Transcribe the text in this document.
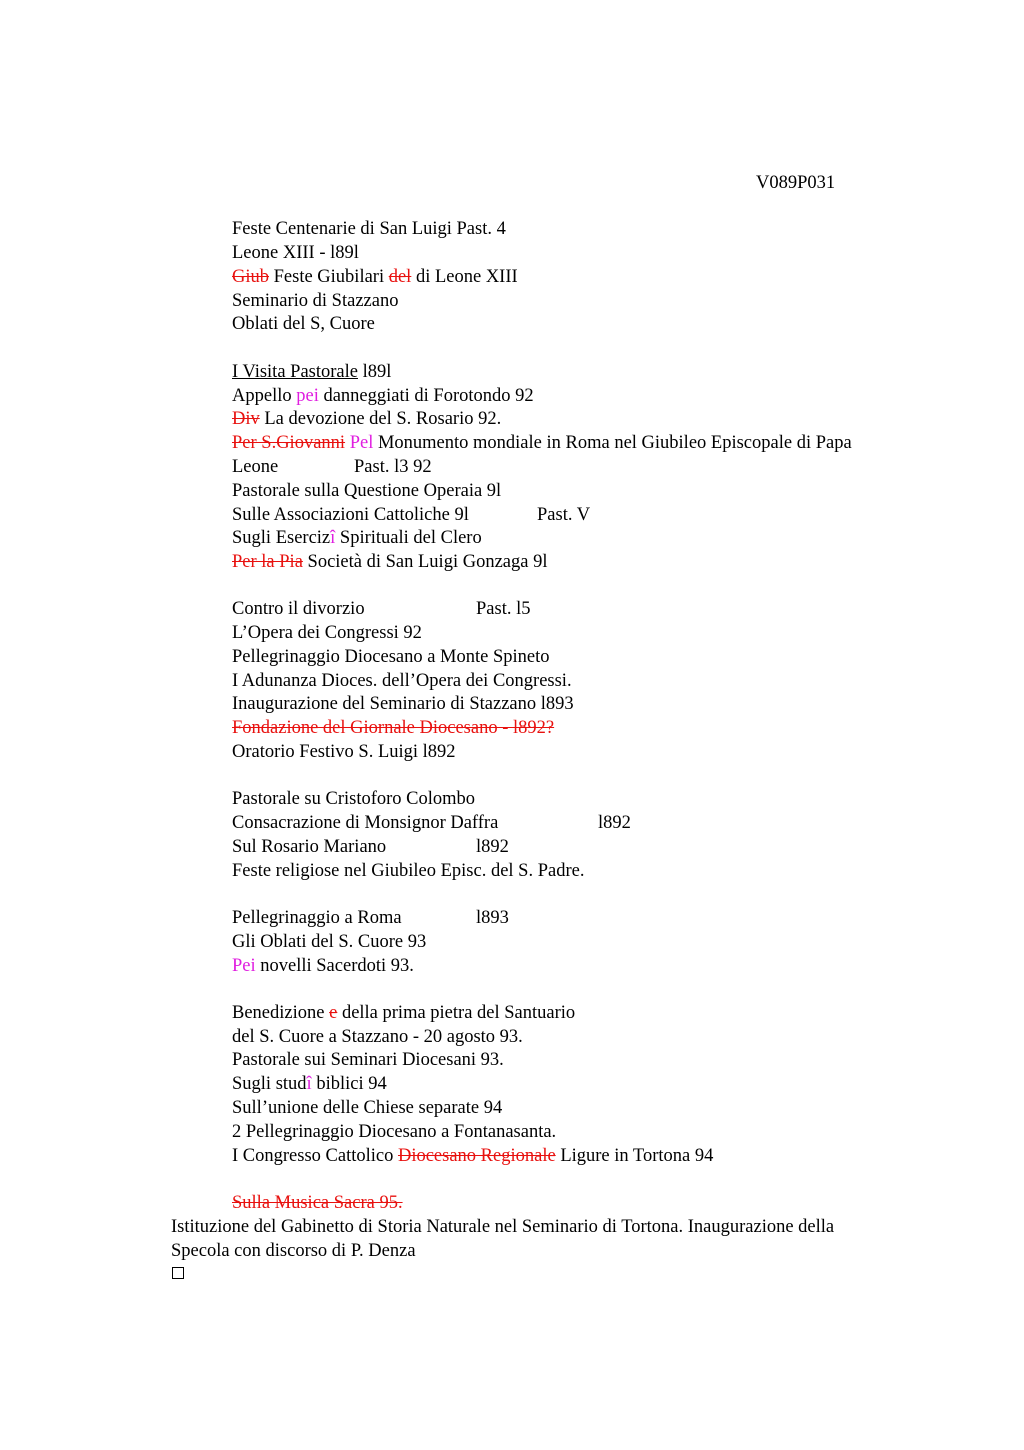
V089P031
Feste Centenarie di San Luigi Past. 4
Leone XIII - l89l
Giub Feste Giubilari del di Leone XIII
Seminario di Stazzano
Oblati del S, Cuore
I Visita Pastorale l89l
Appello pei danneggiati di Forotondo 92
Div La devozione del S. Rosario 92.
Per S.Giovanni Pel Monumento mondiale in Roma nel Giubileo Episcopale di Papa
Leone	Past. l3 92
Pastorale sulla Questione Operaia 9l
Sulle Associazioni Cattoliche 9l	Past. V
Sugli Esercizî Spirituali del Clero
Per la Pia Società di San Luigi Gonzaga 9l
Contro il divorzio	Past. l5
L’Opera dei Congressi 92
Pellegrinaggio Diocesano a Monte Spineto
I Adunanza Dioces. dell’Opera dei Congressi.
Inaugurazione del Seminario di Stazzano l893
Fondazione del Giornale Diocesano - l892?
Oratorio Festivo S. Luigi l892
Pastorale su Cristoforo Colombo
Consacrazione di Monsignor Daffra	l892
Sul Rosario Mariano	l892
Feste religiose nel Giubileo Episc. del S. Padre.
Pellegrinaggio a Roma	l893
Gli Oblati del S. Cuore 93
Pei novelli Sacerdoti 93.
Benedizione e della prima pietra del Santuario
del S. Cuore a Stazzano - 20 agosto 93.
Pastorale sui Seminari Diocesani 93.
Sugli studî biblici 94
Sull’unione delle Chiese separate 94
2 Pellegrinaggio Diocesano a Fontanasanta.
I Congresso Cattolico Diocesano Regionale Ligure in Tortona 94
Sulla Musica Sacra 95.
Istituzione del Gabinetto di Storia Naturale nel Seminario di Tortona. Inaugurazione della
Specola con discorso di P. Denza
